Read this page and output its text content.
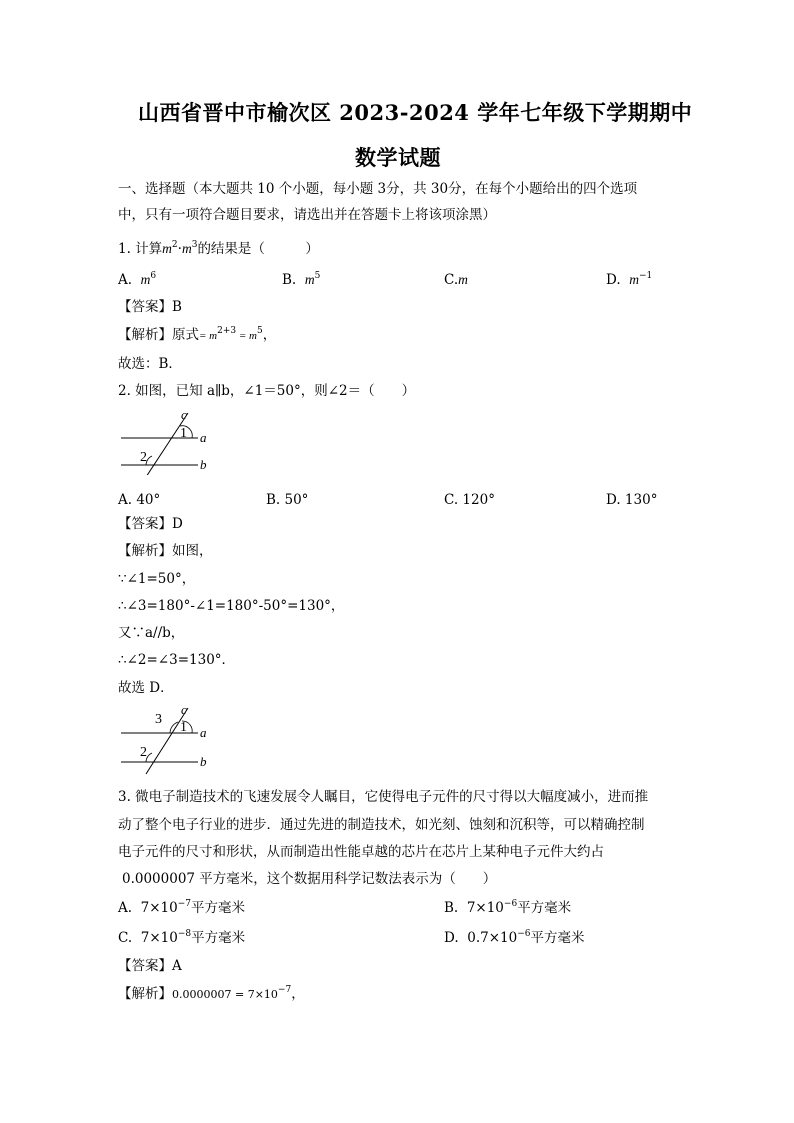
山西省晋中市榆次区 2023-2024 学年七年级下学期期中
数学试题
一、选择题（本大题共 10 个小题，每小题 3分，共 30分，在每个小题给出的四个选项
中，只有一项符合题目要求，请选出并在答题卡上将该项涂黑）
1. 计算$m^2\cdot m^3$的结果是（　　　）
A. $m^6$	B. $m^5$	C.m	D. $m^{-1}$
【答案】B
【解析】原式= $m^{2+3} = m^5$，
故选：B．
2. 如图，已知 a∥b，∠1＝50°，则∠2＝（　　）
c
1 a
2	b
A. 40°	B. 50°	C. 120°	D. 130°
【答案】D
【解析】如图，
∵∠1=50°，
∴∠3=180°-∠1=180°-50°=130°，
又∵a//b，
∴∠2=∠3=130°．
故选 D．
3
c
1 a
2
b
3. 微电子制造技术的飞速发展令人瞩目，它使得电子元件的尺寸得以大幅度减小，进而推
动了整个电子行业的进步．通过先进的制造技术，如光刻、蚀刻和沉积等，可以精确控制
电子元件的尺寸和形状，从而制造出性能卓越的芯片在芯片上某种电子元件大约占
0.0000007 平方毫米，这个数据用科学记数法表示为（　　）
A. $7\times 10^{-7}$平方毫米	B. $7\times 10^{-6}$平方毫米
C. $7\times 10^{-8}$平方毫米	D. $0.7\times 10^{-6}$平方毫米
【答案】A
【解析】$0.0000007 = 7\times 10^{-7}$，
